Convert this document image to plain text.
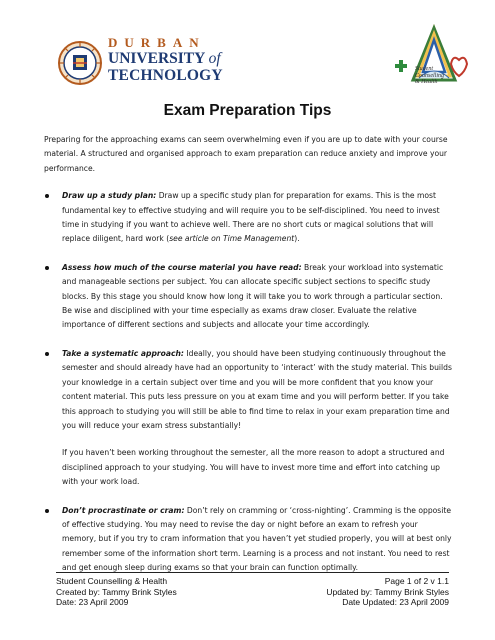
DURBAN
UNIVERSITY of
TECHNOLOGY	Student
Counselling
& Health
Exam Preparation Tips

Preparing for the approaching exams can seem overwhelming even if you are up to date with your course material. A structured and organised approach to exam preparation can reduce anxiety and improve your performance.

Draw up a study plan: Draw up a specific study plan for preparation for exams. This is the most fundamental key to effective studying and will require you to be self-disciplined. You need to invest time in studying if you want to achieve well. There are no short cuts or magical solutions that will replace diligent, hard work (see article on Time Management).

Assess how much of the course material you have read: Break your workload into systematic and manageable sections per subject. You can allocate specific subject sections to specific study blocks. By this stage you should know how long it will take you to work through a particular section. Be wise and disciplined with your time especially as exams draw closer. Evaluate the relative importance of different sections and subjects and allocate your time accordingly.

Take a systematic approach: Ideally, you should have been studying continuously throughout the semester and should already have had an opportunity to ‘interact’ with the study material. This builds your knowledge in a certain subject over time and you will be more confident that you know your content material. This puts less pressure on you at exam time and you will perform better. If you take this approach to studying you will still be able to find time to relax in your exam preparation time and you will reduce your exam stress substantially!

If you haven’t been working throughout the semester, all the more reason to adopt a structured and disciplined approach to your studying. You will have to invest more time and effort into catching up with your work load.

Don’t procrastinate or cram: Don’t rely on cramming or ‘cross-nighting’. Cramming is the opposite of effective studying. You may need to revise the day or night before an exam to refresh your memory, but if you try to cram information that you haven’t yet studied properly, you will at best only remember some of the information short term. Learning is a process and not instant. You need to rest and get enough sleep during exams so that your brain can function optimally.

Student Counselling & Health	Page 1 of 2 v 1.1
Created by: Tammy Brink Styles	Updated by: Tammy Brink Styles
Date: 23 April 2009	Date Updated: 23 April 2009
